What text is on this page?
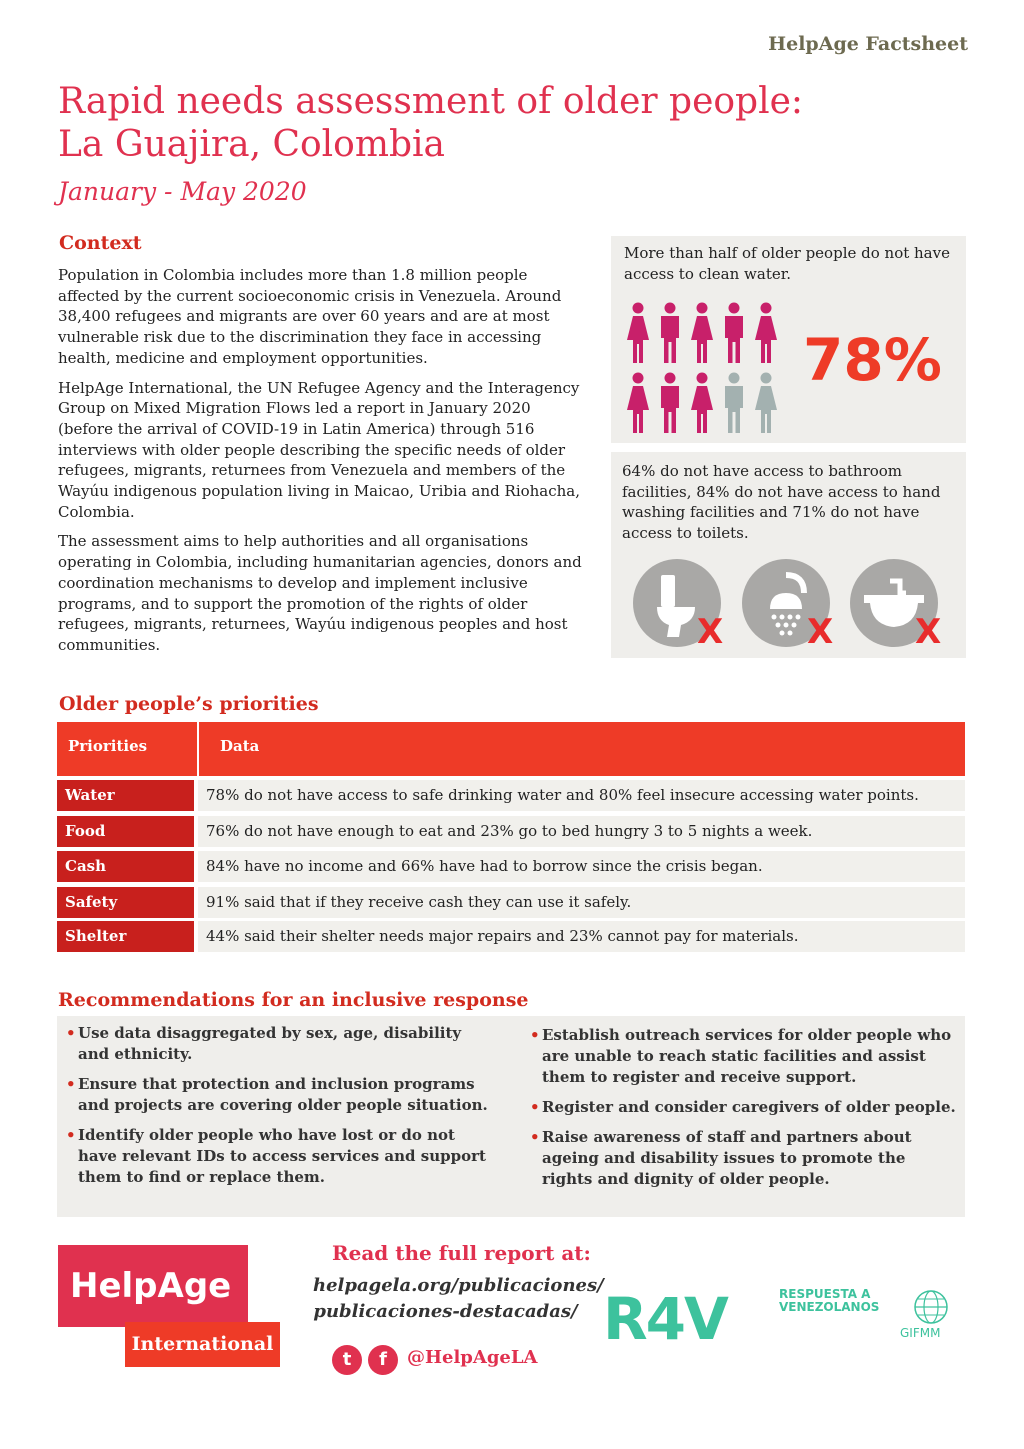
HelpAge Factsheet
Rapid needs assessment of older people: La Guajira, Colombia
January - May 2020
Context

Population in Colombia includes more than 1.8 million people affected by the current socioeconomic crisis in Venezuela. Around 38,400 refugees and migrants are over 60 years and are at most vulnerable risk due to the discrimination they face in accessing health, medicine and employment opportunities.

HelpAge International, the UN Refugee Agency and the Interagency Group on Mixed Migration Flows led a report in January 2020 (before the arrival of COVID-19 in Latin America) through 516 interviews with older people describing the specific needs of older refugees, migrants, returnees from Venezuela and members of the Wayúu indigenous population living in Maicao, Uribia and Riohacha, Colombia.

The assessment aims to help authorities and all organisations operating in Colombia, including humanitarian agencies, donors and coordination mechanisms to develop and implement inclusive programs, and to support the promotion of the rights of older refugees, migrants, returnees, Wayúu indigenous peoples and host communities.

More than half of older people do not have access to clean water.
78%
64% do not have access to bathroom facilities, 84% do not have access to hand washing facilities and 71% do not have access to toilets.
X X X
Older people’s priorities
Priorities	Data
Water	78% do not have access to safe drinking water and 80% feel insecure accessing water points.
Food	76% do not have enough to eat and 23% go to bed hungry 3 to 5 nights a week.
Cash	84% have no income and 66% have had to borrow since the crisis began.
Safety	91% said that if they receive cash they can use it safely.
Shelter	44% said their shelter needs major repairs and 23% cannot pay for materials.
Recommendations for an inclusive response
• Use data disaggregated by sex, age, disability and ethnicity.
• Ensure that protection and inclusion programs and projects are covering older people situation.
• Identify older people who have lost or do not have relevant IDs to access services and support them to find or replace them.
• Establish outreach services for older people who are unable to reach static facilities and assist them to register and receive support.
• Register and consider caregivers of older people.
• Raise awareness of staff and partners about ageing and disability issues to promote the rights and dignity of older people.
HelpAge
International
Read the full report at:
helpagela.org/publicaciones/
publicaciones-destacadas/
t	f	@HelpAgeLA
R4V	RESPUESTA A
VENEZOLANOS
GIFMM
